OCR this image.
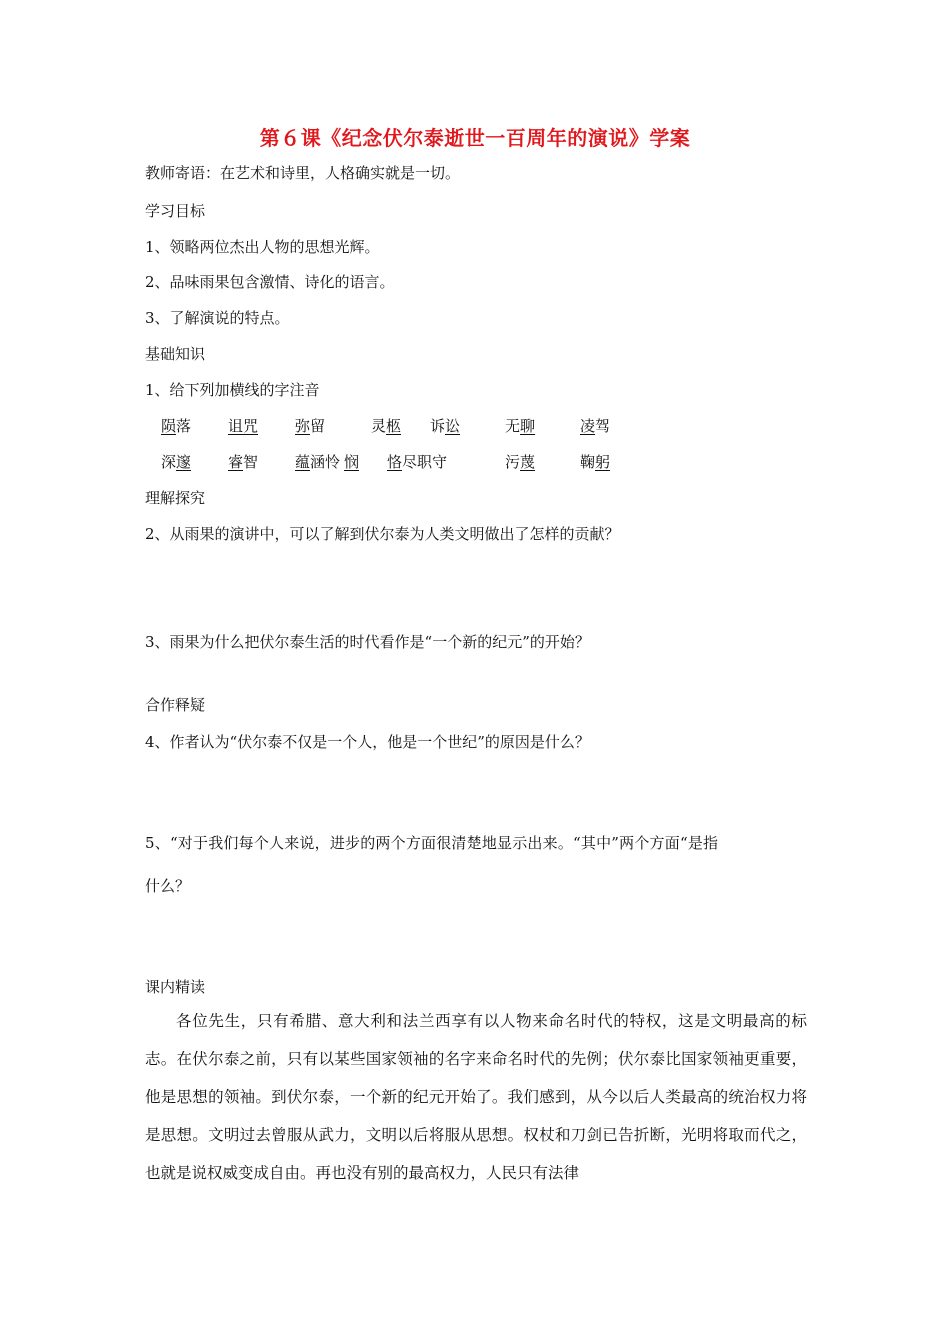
第６课《纪念伏尔泰逝世一百周年的演说》学案
教师寄语：在艺术和诗里，人格确实就是一切。
学习目标
1、领略两位杰出人物的思想光辉。
2、品味雨果包含激情、诗化的语言。
3、了解演说的特点。
基础知识
1、给下列加横线的字注音
陨落 诅咒 弥留	灵柩 诉讼	无聊	凌驾
深邃 睿智 蕴涵怜 悯 恪尽职守	污蔑	鞠躬
理解探究
2、从雨果的演讲中，可以了解到伏尔泰为人类文明做出了怎样的贡献？
3、雨果为什么把伏尔泰生活的时代看作是“一个新的纪元”的开始？
合作释疑
4、作者认为“伏尔泰不仅是一个人，他是一个世纪”的原因是什么？
5、“对于我们每个人来说，进步的两个方面很清楚地显示出来。“其中”两个方面“是指
什么？
课内精读

各位先生，只有希腊、意大利和法兰西享有以人物来命名时代的特权，这是文明最高的标志。在伏尔泰之前，只有以某些国家领袖的名字来命名时代的先例；伏尔泰比国家领袖更重要，他是思想的领袖。到伏尔泰，一个新的纪元开始了。我们感到，从今以后人类最高的统治权力将是思想。文明过去曾服从武力，文明以后将服从思想。权杖和刀剑已告折断，光明将取而代之，也就是说权威变成自由。再也没有别的最高权力，人民只有法律
